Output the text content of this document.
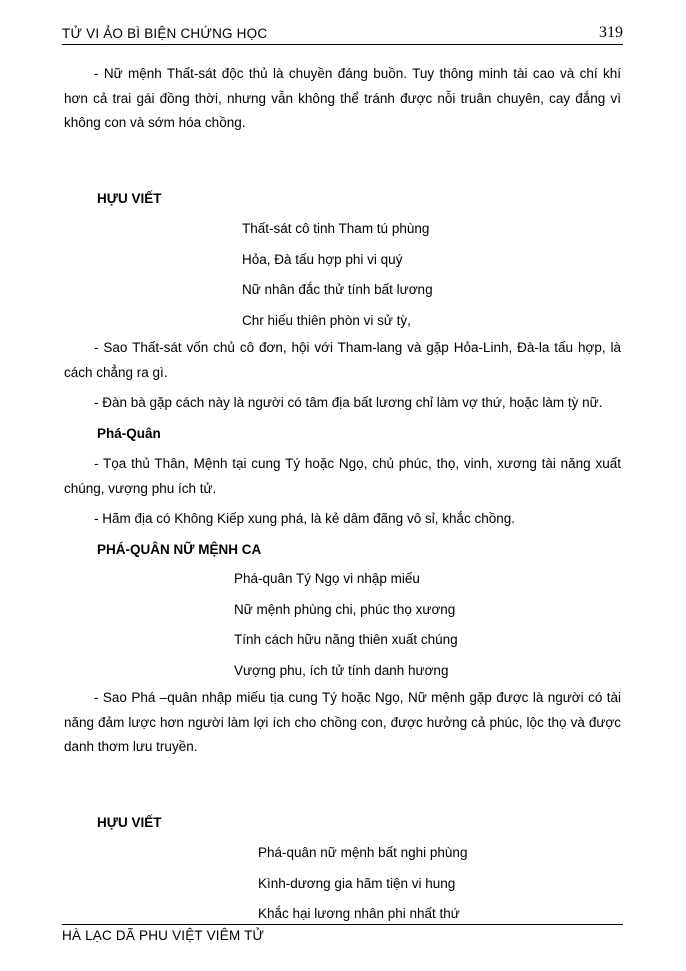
TỬ VI ẢO BÌ BIỆN CHỨNG HỌC	319

- Nữ mệnh Thất-sát độc thủ là chuyền đáng buồn. Tuy thông minh tài cao và chí khí hơn cả trai gái đồng thời, nhưng vẫn không thể tránh được nỗi truân chuyên, cay đắng vì không con và sớm hóa chồng.

HỰU VIẾT

Thất-sát cô tinh Tham tú phùng
Hỏa, Đà tấu hợp phi vi quý
Nữ nhân đắc thử tính bất lương
Chr hiếu thiên phòn vi sử tỳ,

- Sao Thất-sát vốn chủ cô đơn, hội với Tham-lang và gặp Hỏa-Linh, Đà-la tấu hợp, là cách chẳng ra gì.

- Đàn bà gặp cách này là người có tâm địa bất lương chỉ làm vợ thứ, hoặc làm tỳ nữ.

Phá-Quân

- Tọa thủ Thân, Mệnh tại cung Tý hoặc Ngọ, chủ phúc, thọ, vinh, xương tài năng xuất chúng, vượng phu ích tử.

- Hãm địa có Không Kiếp xung phá, là kẻ dâm đãng vô sỉ, khắc chồng.

PHÁ-QUÂN NỮ MỆNH CA

Phá-quân Tý Ngọ vi nhập miếu
Nữ mệnh phùng chi, phúc thọ xương
Tính cách hữu năng thiên xuất chúng
Vượng phu, ích tử tính danh hương

- Sao Phá –quân nhập miếu tịa cung Tý hoặc Ngọ, Nữ mệnh gặp được là người có tài năng đảm lược hơn người làm lợi ích cho chồng con, được hưởng cả phúc, lộc thọ và được danh thơm lưu truyền.

HỰU VIẾT

Phá-quân nữ mệnh bất nghi phùng
Kình-dương gia hãm tiện vi hung
Khắc hại lương nhân phi nhất thứ
HÀ LẠC DÃ PHU VIỆT VIÊM TỬ
